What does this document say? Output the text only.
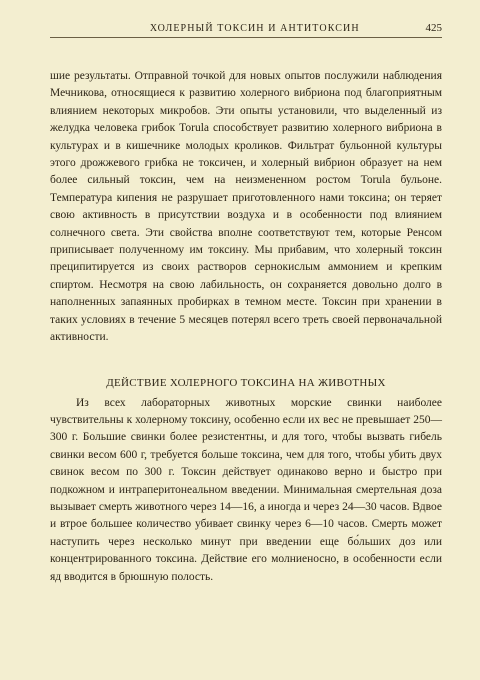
ХОЛЕРНЫЙ ТОКСИН И АНТИТОКСИН	425

шие результаты. Отправной точкой для новых опытов послужили наблюдения Мечникова, относящиеся к развитию холерного вибриона под благоприятным влиянием некоторых микробов. Эти опыты установили, что выделенный из желудка человека грибок Torula способствует развитию холерного вибриона в культурах и в кишечнике молодых кроликов. Фильтрат бульонной культуры этого дрожжевого грибка не токсичен, и холерный вибрион образует на нем более сильный токсин, чем на неизмененном ростом Torula бульоне. Температура кипения не разрушает приготовленного нами токсина; он теряет свою активность в присутствии воздуха и в особенности под влиянием солнечного света. Эти свойства вполне соответствуют тем, которые Ренсом приписывает полученному им токсину. Мы прибавим, что холерный токсин преципитируется из своих растворов сернокислым аммонием и крепким спиртом. Несмотря на свою лабильность, он сохраняется довольно долго в наполненных запаянных пробирках в темном месте. Токсин при хранении в таких условиях в течение 5 месяцев потерял всего треть своей первоначальной активности.

ДЕЙСТВИЕ ХОЛЕРНОГО ТОКСИНА НА ЖИВОТНЫХ

Из всех лабораторных животных морские свинки наиболее чувствительны к холерному токсину, особенно если их вес не превышает 250—300 г. Большие свинки более резистентны, и для того, чтобы вызвать гибель свинки весом 600 г, требуется больше токсина, чем для того, чтобы убить двух свинок весом по 300 г. Токсин действует одинаково верно и быстро при подкожном и интраперитонеальном введении. Минимальная смертельная доза вызывает смерть животного через 14—16, а иногда и через 24—30 часов. Вдвое и втрое большее количество убивает свинку через 6—10 часов. Смерть может наступить через несколько минут при введении еще бо́льших доз или концентрированного токсина. Действие его молниеносно, в особенности если яд вводится в брюшную полость.
